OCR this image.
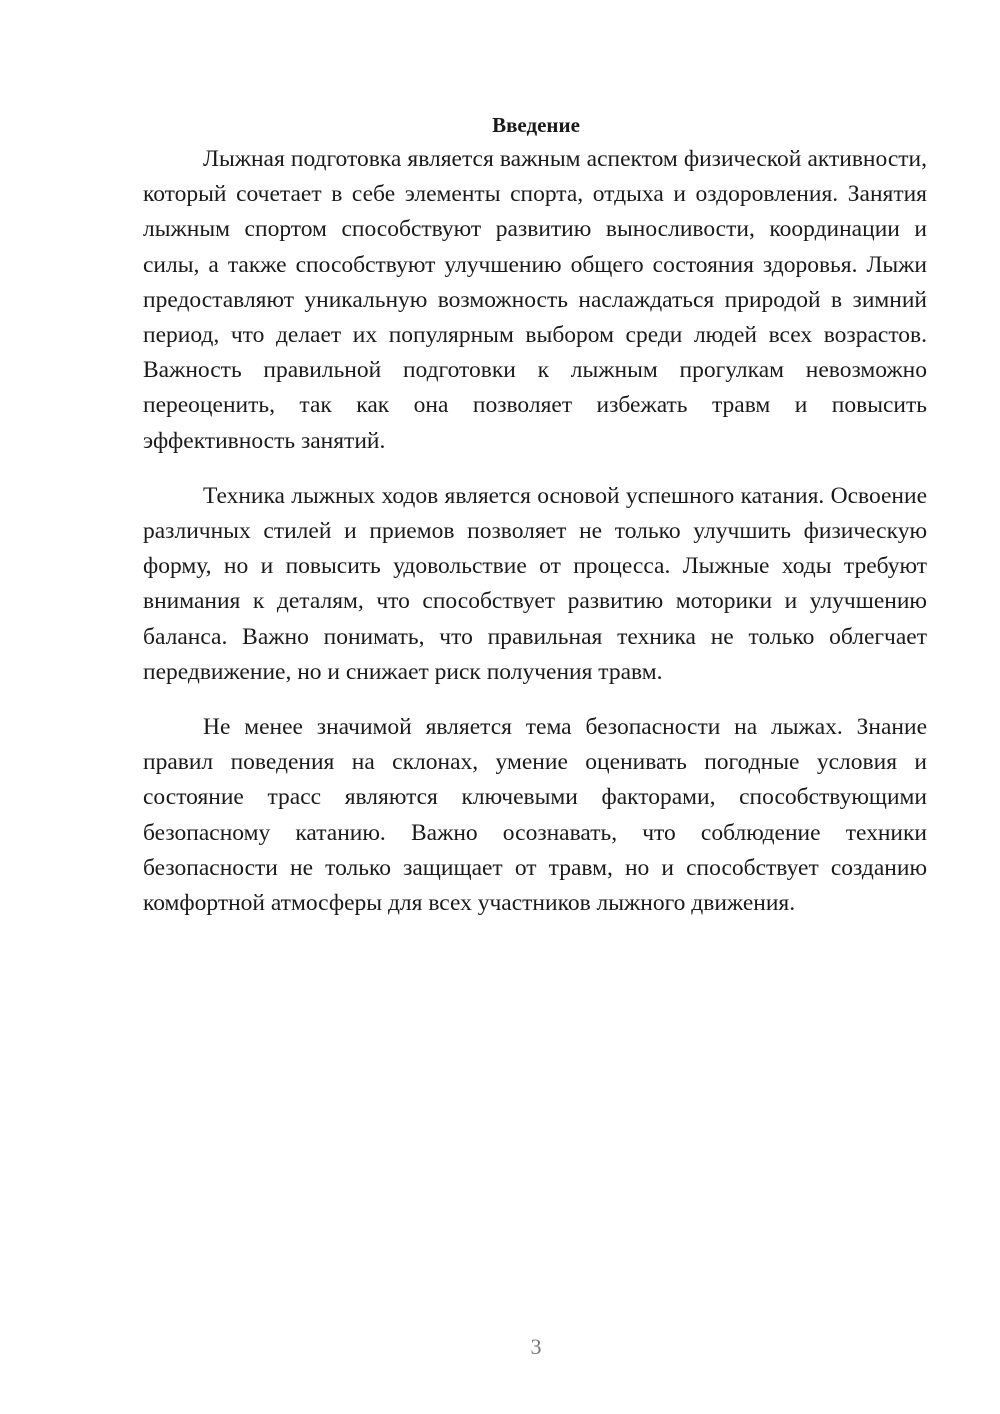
Введение

Лыжная подготовка является важным аспектом физической активности, который сочетает в себе элементы спорта, отдыха и оздоровления. Занятия лыжным спортом способствуют развитию выносливости, координации и силы, а также способствуют улучшению общего состояния здоровья. Лыжи предоставляют уникальную возможность наслаждаться природой в зимний период, что делает их популярным выбором среди людей всех возрастов. Важность правильной подготовки к лыжным прогулкам невозможно переоценить, так как она позволяет избежать травм и повысить эффективность занятий.

Техника лыжных ходов является основой успешного катания. Освоение различных стилей и приемов позволяет не только улучшить физическую форму, но и повысить удовольствие от процесса. Лыжные ходы требуют внимания к деталям, что способствует развитию моторики и улучшению баланса. Важно понимать, что правильная техника не только облегчает передвижение, но и снижает риск получения травм.

Не менее значимой является тема безопасности на лыжах. Знание правил поведения на склонах, умение оценивать погодные условия и состояние трасс являются ключевыми факторами, способствующими безопасному катанию. Важно осознавать, что соблюдение техники безопасности не только защищает от травм, но и способствует созданию комфортной атмосферы для всех участников лыжного движения.

3
